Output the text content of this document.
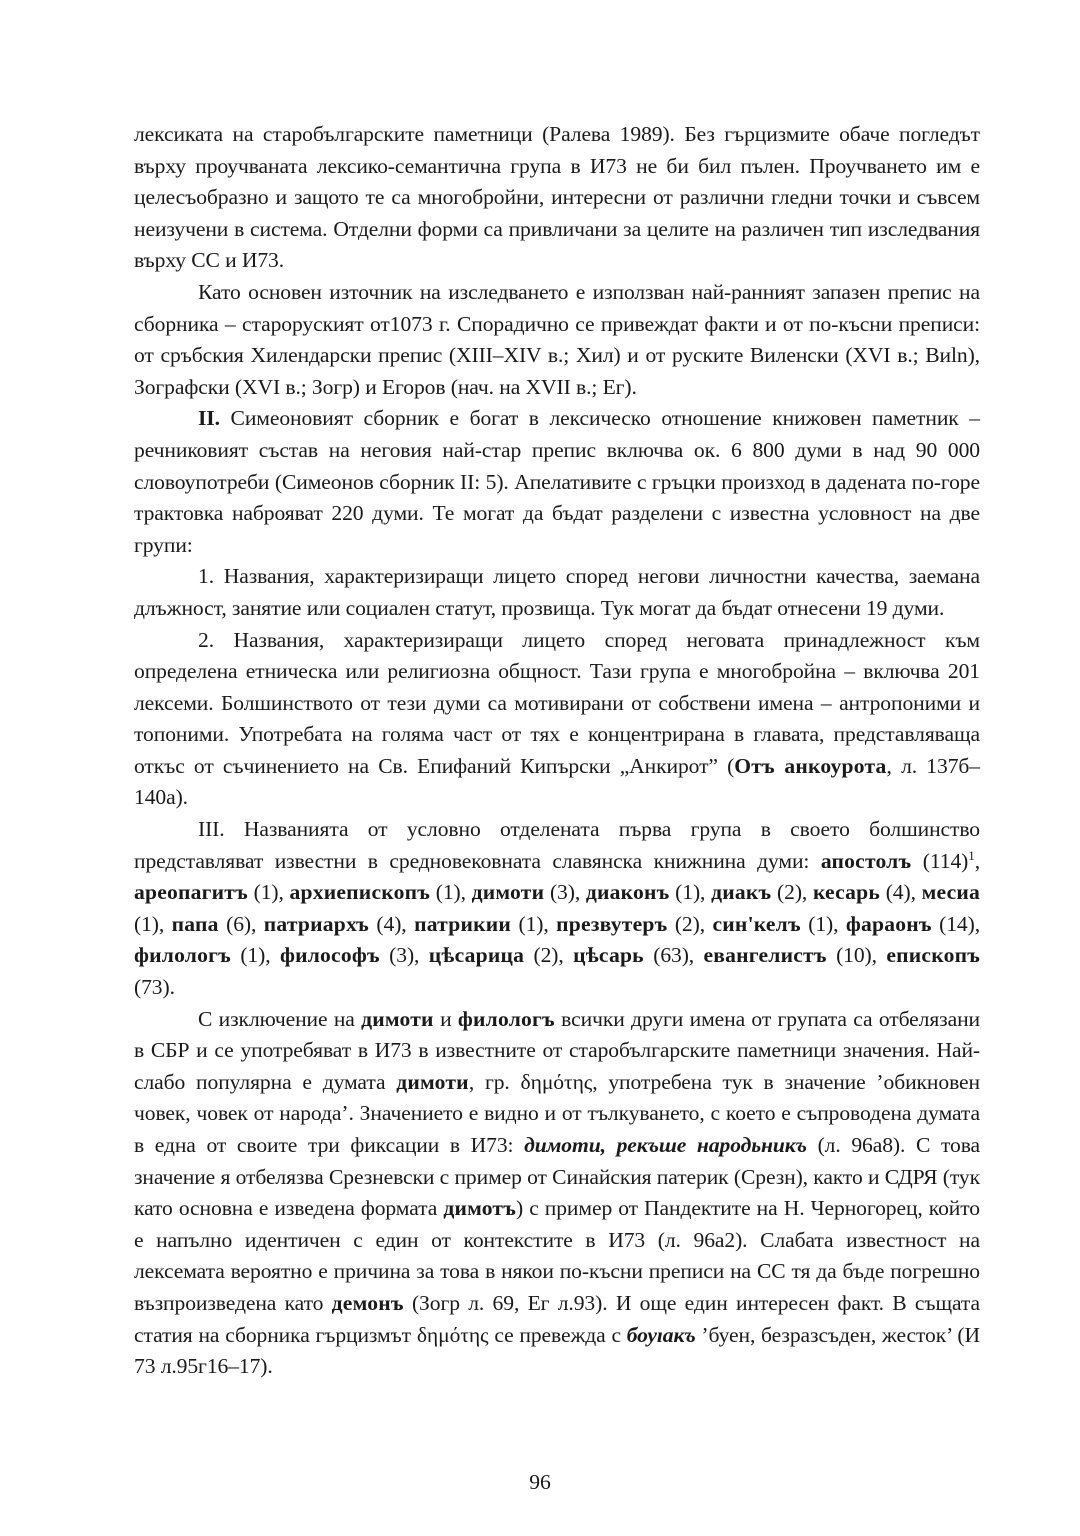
лексиката на старобългарските паметници (Ралева 1989). Без гърцизмите обаче погледът върху проучваната лексико-семантична група в И73 не би бил пълен. Проучването им е целесъобразно и защото те са многобройни, интересни от различни гледни точки и съвсем неизучени в система. Отделни форми са привличани за целите на различен тип изследвания върху СС и И73.

Като основен източник на изследването е използван най-ранният запазен препис на сборника – староруският от1073 г. Спорадично се привеждат факти и от по-късни преписи: от сръбския Хилендарски препис (XIII–XIV в.; Хил) и от руските Виленски (XVI в.; Виln), Зографски (XVI в.; Зогр) и Егоров (нач. на XVII в.; Ег).

II. Симеоновият сборник е богат в лексическо отношение книжовен паметник – речниковият състав на неговия най-стар препис включва ок. 6 800 думи в над 90 000 словоупотреби (Симеонов сборник II: 5). Апелативите с гръцки произход в дадената по-горе трактовка наброяват 220 думи. Те могат да бъдат разделени с известна условност на две групи:

1. Названия, характеризиращи лицето според негови личностни качества, заемана длъжност, занятие или социален статут, прозвища. Тук могат да бъдат отнесени 19 думи.

2. Названия, характеризиращи лицето според неговата принадлежност към определена етническа или религиозна общност. Тази група е многобройна – включва 201 лексеми. Болшинството от тези думи са мотивирани от собствени имена – антропоними и топоними. Употребата на голяма част от тях е концентрирана в главата, представляваща откъс от съчинението на Св. Епифаний Кипърски „Анкирот” (Отъ анкоурота, л. 137б–140а).

III. Названията от условно отделената първа група в своето болшинство представляват известни в средновековната славянска книжнина думи: апостолъ $(114)^1$, ареопагитъ (1), архиепископъ (1), димоти (3), диаконъ (1), диакъ (2), кесарь (4), месиа (1), папа (6), патриархъ (4), патрикии (1), презвутеръ (2), син'келъ (1), фараонъ (14), филологъ (1), философъ (3), цѣсарица (2), цѣсарь (63), евангелистъ (10), епископъ (73).

С изключение на димоти и филологъ всички други имена от групата са отбелязани в СБР и се употребяват в И73 в известните от старобългарските паметници значения. Най-слабо популярна е думата димоти, гр. δημότης, употребена тук в значение ’обикновен човек, човек от народа’. Значението е видно и от тълкуването, с което е съпроводена думата в една от своите три фиксации в И73: димоти, рекъше народьникъ (л. 96а8). С това значение я отбелязва Срезневски с пример от Синайския патерик (Срезн), както и СДРЯ (тук като основна е изведена формата димотъ) с пример от Пандектите на Н. Черногорец, който е напълно идентичен с един от контекстите в И73 (л. 96а2). Слабата известност на лексемата вероятно е причина за това в някои по-късни преписи на СС тя да бъде погрешно възпроизведена като демонъ (Зогр л. 69, Ег л.93). И още един интересен факт. В същата статия на сборника гърцизмът δημότης се превежда с боуıакъ ’буен, безразсъден, жесток’ (И 73 л.95г16–17).

96
